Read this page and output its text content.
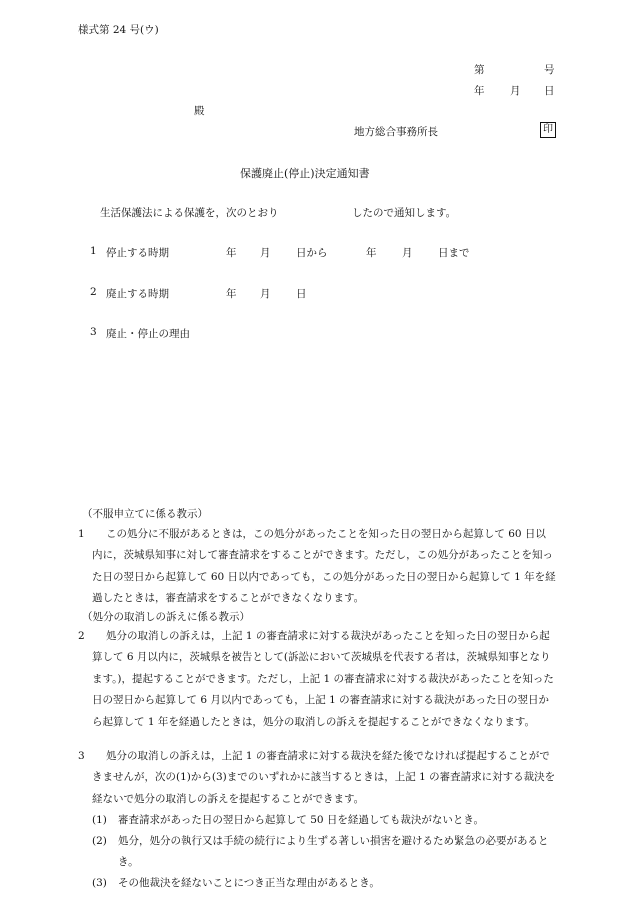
様式第 24 号(ウ)
第	号
年 月 日
殿
地方総合事務所長	印
保護廃止(停止)決定通知書
生活保護法による保護を，次のとおり	したので通知します。
1 停止する時期	年 月 日から	年 月 日まで
2 廃止する時期	年 月 日
3 廃止・停止の理由
（不服申立てに係る教示）
1	この処分に不服があるときは，この処分があったことを知った日の翌日から起算して 60 日以内に，茨城県知事に対して審査請求をすることができます。ただし，この処分があったことを知った日の翌日から起算して 60 日以内であっても，この処分があった日の翌日から起算して 1 年を経過したときは，審査請求をすることができなくなります。
（処分の取消しの訴えに係る教示）
2	処分の取消しの訴えは，上記 1 の審査請求に対する裁決があったことを知った日の翌日から起算して 6 月以内に，茨城県を被告として(訴訟において茨城県を代表する者は，茨城県知事となります。)，提起することができます。ただし，上記 1 の審査請求に対する裁決があったことを知った日の翌日から起算して 6 月以内であっても，上記 1 の審査請求に対する裁決があった日の翌日から起算して 1 年を経過したときは，処分の取消しの訴えを提起することができなくなります。
3	処分の取消しの訴えは，上記 1 の審査請求に対する裁決を経た後でなければ提起することができませんが，次の(1)から(3)までのいずれかに該当するときは，上記 1 の審査請求に対する裁決を経ないで処分の取消しの訴えを提起することができます。
(1)	審査請求があった日の翌日から起算して 50 日を経過しても裁決がないとき。
(2)	処分，処分の執行又は手続の続行により生ずる著しい損害を避けるため緊急の必要があるとき。
(3)	その他裁決を経ないことにつき正当な理由があるとき。
